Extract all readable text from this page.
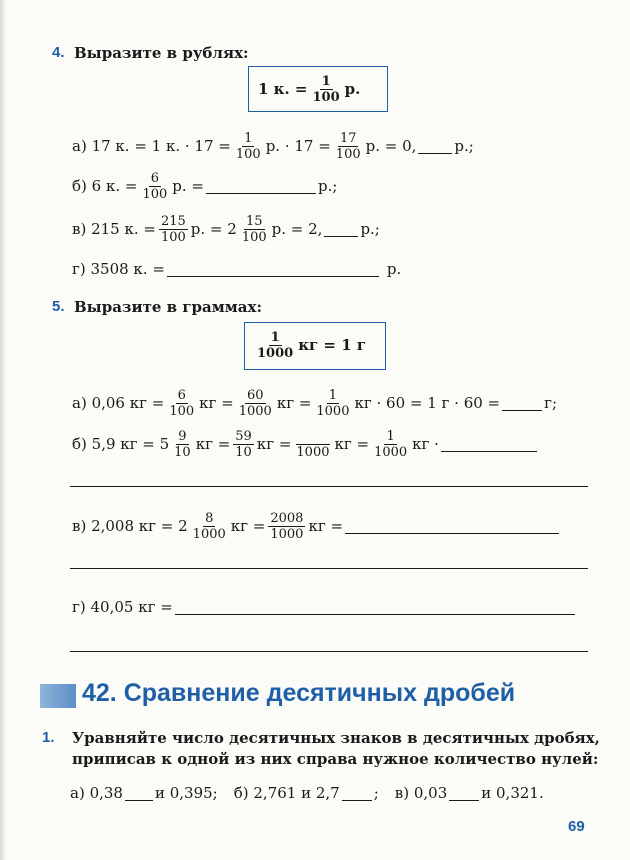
4. Выразите в рублях:
1 к. = $\frac{1}{100} р$.
а) 17 к. = 1 к. · $17 = \frac{1}{100} р$. · $17 = \frac{17}{100} р$. = 0,	р.;
б) 6 к. = $\frac{6}{100} р$. =	р.;
в) 215 к. = $\frac{215}{100} р$. = $2 \frac{15}{100} р$. = 2,	р.;
г) 3508 к. =	р.
5. Выразите в граммах:
$\frac{1}{1000}$ кг = 1 г
а) 0,06 кг = $\frac{6}{100}$ кг = $\frac{60}{1000}$ кг = $\frac{1}{1000}$ кг · 60 = 1 г · 60 =	г;
б) 5,9 кг = $5 \frac{9}{10}$ кг = $\frac{59}{10}$ кг = 1000 кг = $\frac{1}{1000}$ кг ·
в) 2,008 кг = $2 \frac{8}{1000}$ кг = $\frac{2008}{1000}$ кг =
г) 40,05 кг =
42. Сравнение десятичных дробей
1. Уравняйте число десятичных знаков в десятичных дробях,
приписав к одной из них справа нужное количество нулей:
а) 0,38 и 0,395; б) 2,761 и 2,7 ; в) 0,03 и 0,321.
69
